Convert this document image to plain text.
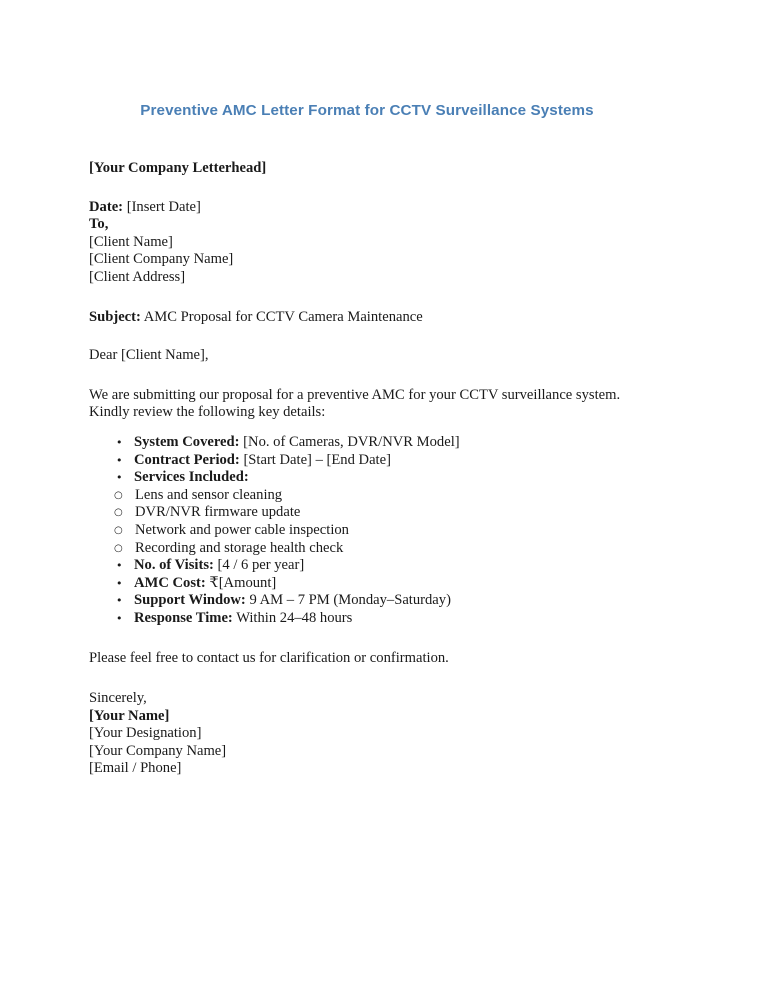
Preventive AMC Letter Format for CCTV Surveillance Systems
[Your Company Letterhead]
Date: [Insert Date]
To,
[Client Name]
[Client Company Name]
[Client Address]
Subject: AMC Proposal for CCTV Camera Maintenance
Dear [Client Name],
We are submitting our proposal for a preventive AMC for your CCTV surveillance system.
Kindly review the following key details:
• System Covered: [No. of Cameras, DVR/NVR Model]
• Contract Period: [Start Date] – [End Date]
• Services Included:
○ Lens and sensor cleaning
○ DVR/NVR firmware update
○ Network and power cable inspection
○ Recording and storage health check
• No. of Visits: [4 / 6 per year]
• AMC Cost: ₹[Amount]
• Support Window: 9 AM – 7 PM (Monday–Saturday)
• Response Time: Within 24–48 hours
Please feel free to contact us for clarification or confirmation.
Sincerely,
[Your Name]
[Your Designation]
[Your Company Name]
[Email / Phone]
